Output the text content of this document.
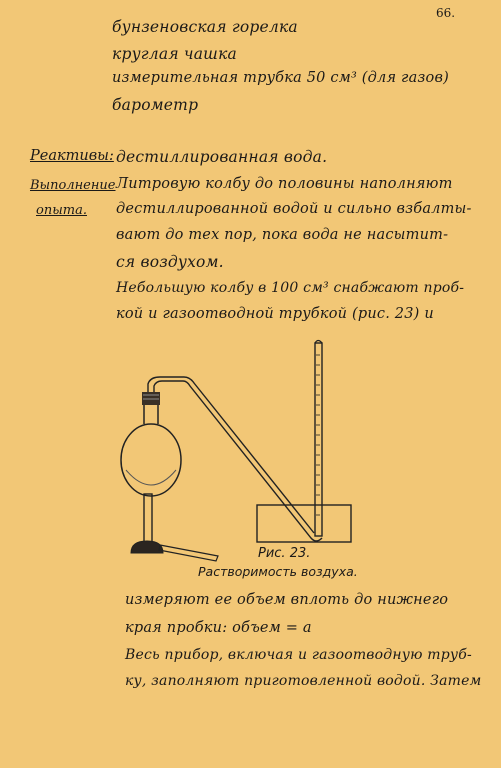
66.
бунзеновская горелка
круглая чашка
измерительная трубка 50 см³ (для газов)
барометр
Реактивы: дестиллированная вода.
Выполнение
опыта.
Литровую колбу до половины наполняют
дестиллированной водой и сильно взбалты-
вают до тех пор, пока вода не насытит-
ся воздухом.
Небольшую колбу в 100 см³ снабжают проб-
кой и газоотводной трубкой (рис. 23) и
Рис. 23.
Растворимость воздуха.
измеряют ее объем вплоть до нижнего
края пробки: объем = a
Весь прибор, включая и газоотводную труб-
ку, заполняют приготовленной водой. Затем
